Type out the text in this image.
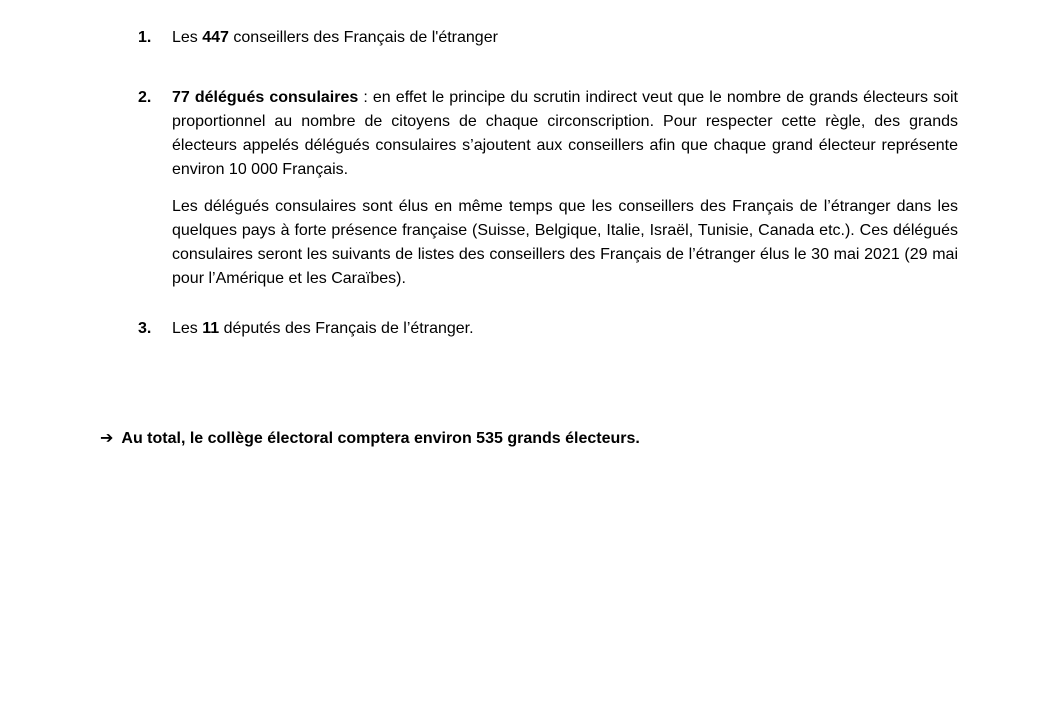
1.	Les 447 conseillers des Français de l'étranger

2.	77 délégués consulaires : en effet le principe du scrutin indirect veut que le nombre de grands électeurs soit proportionnel au nombre de citoyens de chaque circonscription. Pour respecter cette règle, des grands électeurs appelés délégués consulaires s’ajoutent aux conseillers afin que chaque grand électeur représente environ 10 000 Français.

Les délégués consulaires sont élus en même temps que les conseillers des Français de l’étranger dans les quelques pays à forte présence française (Suisse, Belgique, Italie, Israël, Tunisie, Canada etc.). Ces délégués consulaires seront les suivants de listes des conseillers des Français de l’étranger élus le 30 mai 2021 (29 mai pour l’Amérique et les Caraïbes).

3.	Les 11 députés des Français de l’étranger.

➔ Au total, le collège électoral comptera environ 535 grands électeurs.
